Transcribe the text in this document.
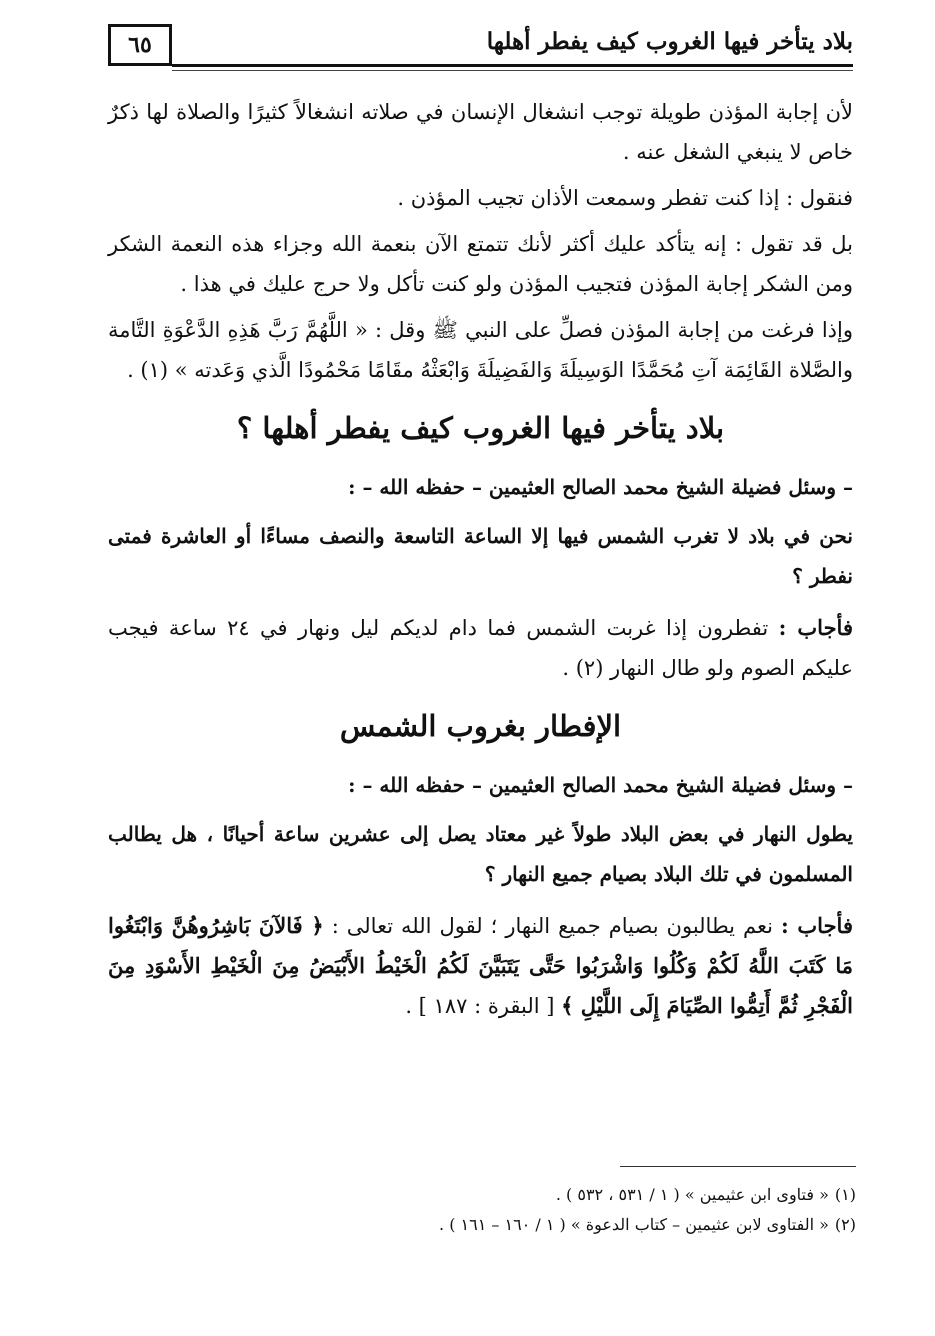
٦٥	بلاد يتأخر فيها الغروب كيف يفطر أهلها

لأن إجابة المؤذن طويلة توجب انشغال الإنسان في صلاته انشغالاً كثيرًا والصلاة لها ذكرٌ خاص لا ينبغي الشغل عنه .

فنقول : إذا كنت تفطر وسمعت الأذان تجيب المؤذن .

بل قد تقول : إنه يتأكد عليك أكثر لأنك تتمتع الآن بنعمة الله وجزاء هذه النعمة الشكر ومن الشكر إجابة المؤذن فتجيب المؤذن ولو كنت تأكل ولا حرج عليك في هذا .

وإذا فرغت من إجابة المؤذن فصلِّ على النبي ﷺ وقل : « اللَّهُمَّ رَبَّ هَذِهِ الدَّعْوَةِ التَّامة والصَّلاة القَائِمَة آتِ مُحَمَّدًا الوَسِيلَةَ وَالفَضِيلَةَ وَابْعَثْهُ مقَامًا مَحْمُودًا الَّذي وَعَدته » (١) .

بلاد يتأخر فيها الغروب كيف يفطر أهلها ؟

– وسئل فضيلة الشيخ محمد الصالح العثيمين – حفظه الله – :

نحن في بلاد لا تغرب الشمس فيها إلا الساعة التاسعة والنصف مساءًا أو العاشرة فمتى نفطر ؟

فأجاب : تفطرون إذا غربت الشمس فما دام لديكم ليل ونهار في ٢٤ ساعة فيجب عليكم الصوم ولو طال النهار (٢) .

الإفطار بغروب الشمس

– وسئل فضيلة الشيخ محمد الصالح العثيمين – حفظه الله – :

يطول النهار في بعض البلاد طولاً غير معتاد يصل إلى عشرين ساعة أحيانًا ، هل يطالب المسلمون في تلك البلاد بصيام جميع النهار ؟

فأجاب : نعم يطالبون بصيام جميع النهار ؛ لقول الله تعالى : ﴿ فَالآنَ بَاشِرُوهُنَّ وَابْتَغُوا مَا كَتَبَ اللَّهُ لَكُمْ وَكُلُوا وَاشْرَبُوا حَتَّى يَتَبَيَّنَ لَكُمُ الْخَيْطُ الأَبْيَضُ مِنَ الْخَيْطِ الأَسْوَدِ مِنَ الْفَجْرِ ثُمَّ أَتِمُّوا الصِّيَامَ إِلَى اللَّيْلِ ﴾ [ البقرة : ١٨٧ ] .

(١)« فتاوى ابن عثيمين » ( ١ / ٥٣١ ، ٥٣٢ ) .

(٢)« الفتاوى لابن عثيمين – كتاب الدعوة » ( ١ / ١٦٠ – ١٦١ ) .
